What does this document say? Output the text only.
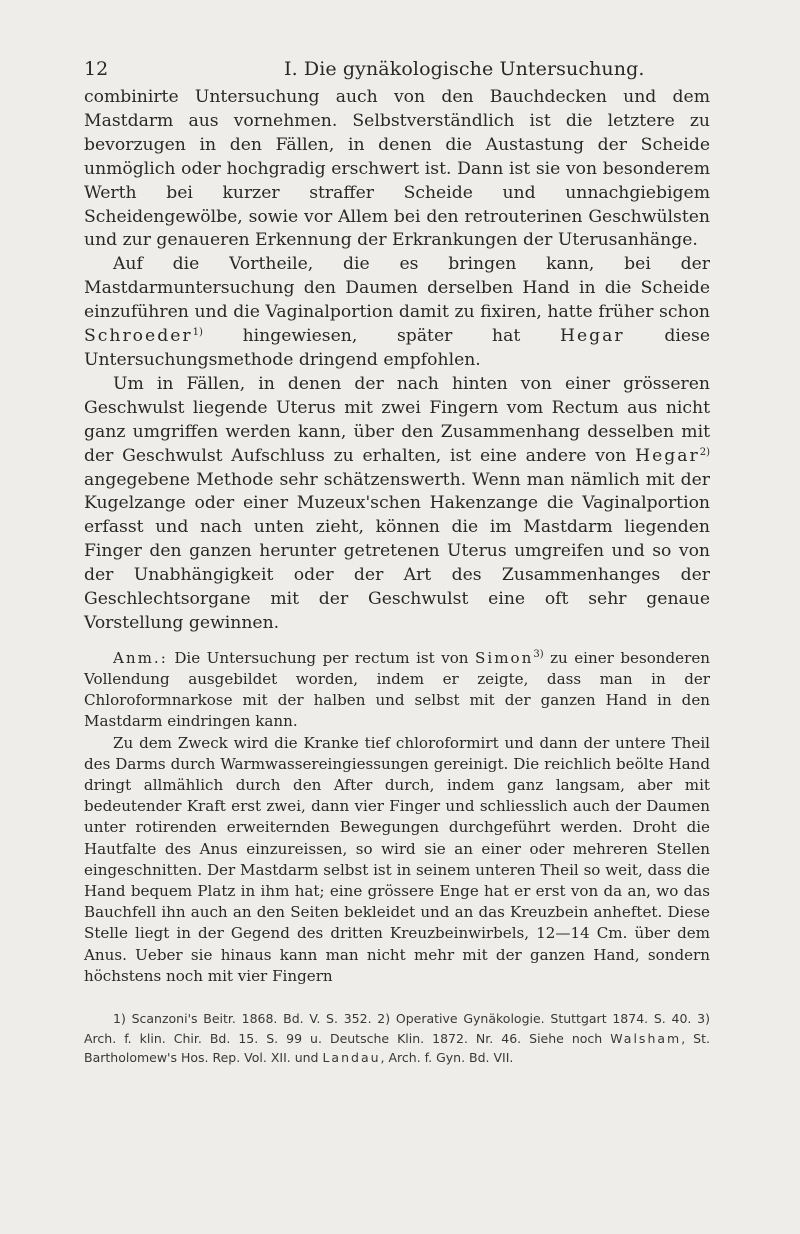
12	I. Die gynäkologische Untersuchung.

combinirte Untersuchung auch von den Bauchdecken und dem Mastdarm aus vornehmen. Selbstverständlich ist die letztere zu bevorzugen in den Fällen, in denen die Austastung der Scheide unmöglich oder hochgradig erschwert ist. Dann ist sie von besonderem Werth bei kurzer straffer Scheide und unnachgiebigem Scheidengewölbe, sowie vor Allem bei den retrouterinen Geschwülsten und zur genaueren Erkennung der Erkrankungen der Uterusanhänge.

Auf die Vortheile, die es bringen kann, bei der Mastdarmuntersuchung den Daumen derselben Hand in die Scheide einzuführen und die Vaginalportion damit zu fixiren, hatte früher schon Schroeder$^{1)}$ hingewiesen, später hat Hegar diese Untersuchungsmethode dringend empfohlen.

Um in Fällen, in denen der nach hinten von einer grösseren Geschwulst liegende Uterus mit zwei Fingern vom Rectum aus nicht ganz umgriffen werden kann, über den Zusammenhang desselben mit der Geschwulst Aufschluss zu erhalten, ist eine andere von Hegar$^{2)}$ angegebene Methode sehr schätzenswerth. Wenn man nämlich mit der Kugelzange oder einer Muzeux'schen Hakenzange die Vaginalportion erfasst und nach unten zieht, können die im Mastdarm liegenden Finger den ganzen herunter getretenen Uterus umgreifen und so von der Unabhängigkeit oder der Art des Zusammenhanges der Geschlechtsorgane mit der Geschwulst eine oft sehr genaue Vorstellung gewinnen.

Anm.: Die Untersuchung per rectum ist von Simon$^{3)}$ zu einer besonderen Vollendung ausgebildet worden, indem er zeigte, dass man in der Chloroformnarkose mit der halben und selbst mit der ganzen Hand in den Mastdarm eindringen kann.

Zu dem Zweck wird die Kranke tief chloroformirt und dann der untere Theil des Darms durch Warmwassereingiessungen gereinigt. Die reichlich beölte Hand dringt allmählich durch den After durch, indem ganz langsam, aber mit bedeutender Kraft erst zwei, dann vier Finger und schliesslich auch der Daumen unter rotirenden erweiternden Bewegungen durchgeführt werden. Droht die Hautfalte des Anus einzureissen, so wird sie an einer oder mehreren Stellen eingeschnitten. Der Mastdarm selbst ist in seinem unteren Theil so weit, dass die Hand bequem Platz in ihm hat; eine grössere Enge hat er erst von da an, wo das Bauchfell ihn auch an den Seiten bekleidet und an das Kreuzbein anheftet. Diese Stelle liegt in der Gegend des dritten Kreuzbeinwirbels, 12—14 Cm. über dem Anus. Ueber sie hinaus kann man nicht mehr mit der ganzen Hand, sondern höchstens noch mit vier Fingern

1) Scanzoni's Beitr. 1868. Bd. V. S. 352. 2) Operative Gynäkologie. Stuttgart 1874. S. 40. 3) Arch. f. klin. Chir. Bd. 15. S. 99 u. Deutsche Klin. 1872. Nr. 46. Siehe noch Walsham, St. Bartholomew's Hos. Rep. Vol. XII. und Landau, Arch. f. Gyn. Bd. VII.
